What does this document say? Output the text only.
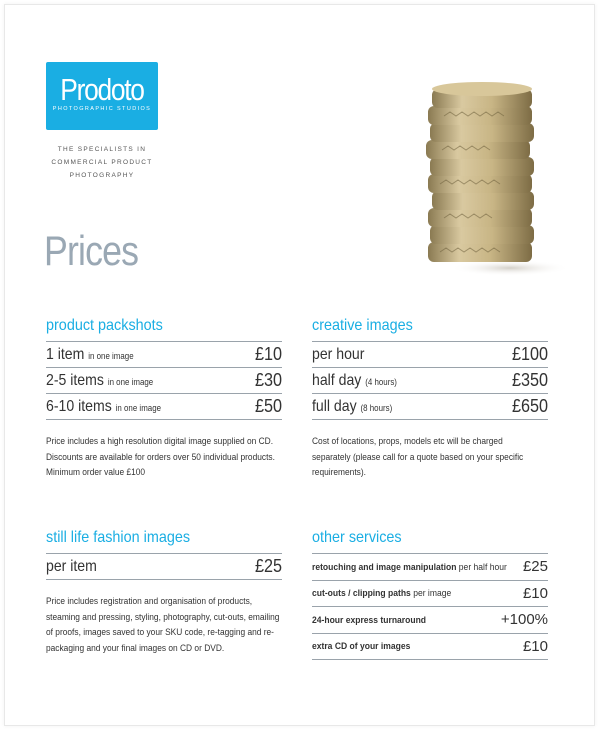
Prodoto
PHOTOGRAPHIC STUDIOS
THE SPECIALISTS IN
COMMERCIAL PRODUCT
PHOTOGRAPHY
Prices
product packshots
1 item in one image	£10
2-5 items in one image	£30
6-10 items in one image	£50
Price includes a high resolution digital image supplied on CD. Discounts are available for orders over 50 individual products. Minimum order value £100
creative images
per hour	£100
half day (4 hours)	£350
full day (8 hours)	£650
Cost of locations, props, models etc will be charged separately (please call for a quote based on your specific requirements).
still life fashion images
per item	£25
Price includes registration and organisation of products, steaming and pressing, styling, photography, cut-outs, emailing of proofs, images saved to your SKU code, re-tagging and re-packaging and your final images on CD or DVD.
other services
retouching and image manipulation per half hour £25
cut-outs / clipping paths per image	£10
24-hour express turnaround	+100%
extra CD of your images	£10
